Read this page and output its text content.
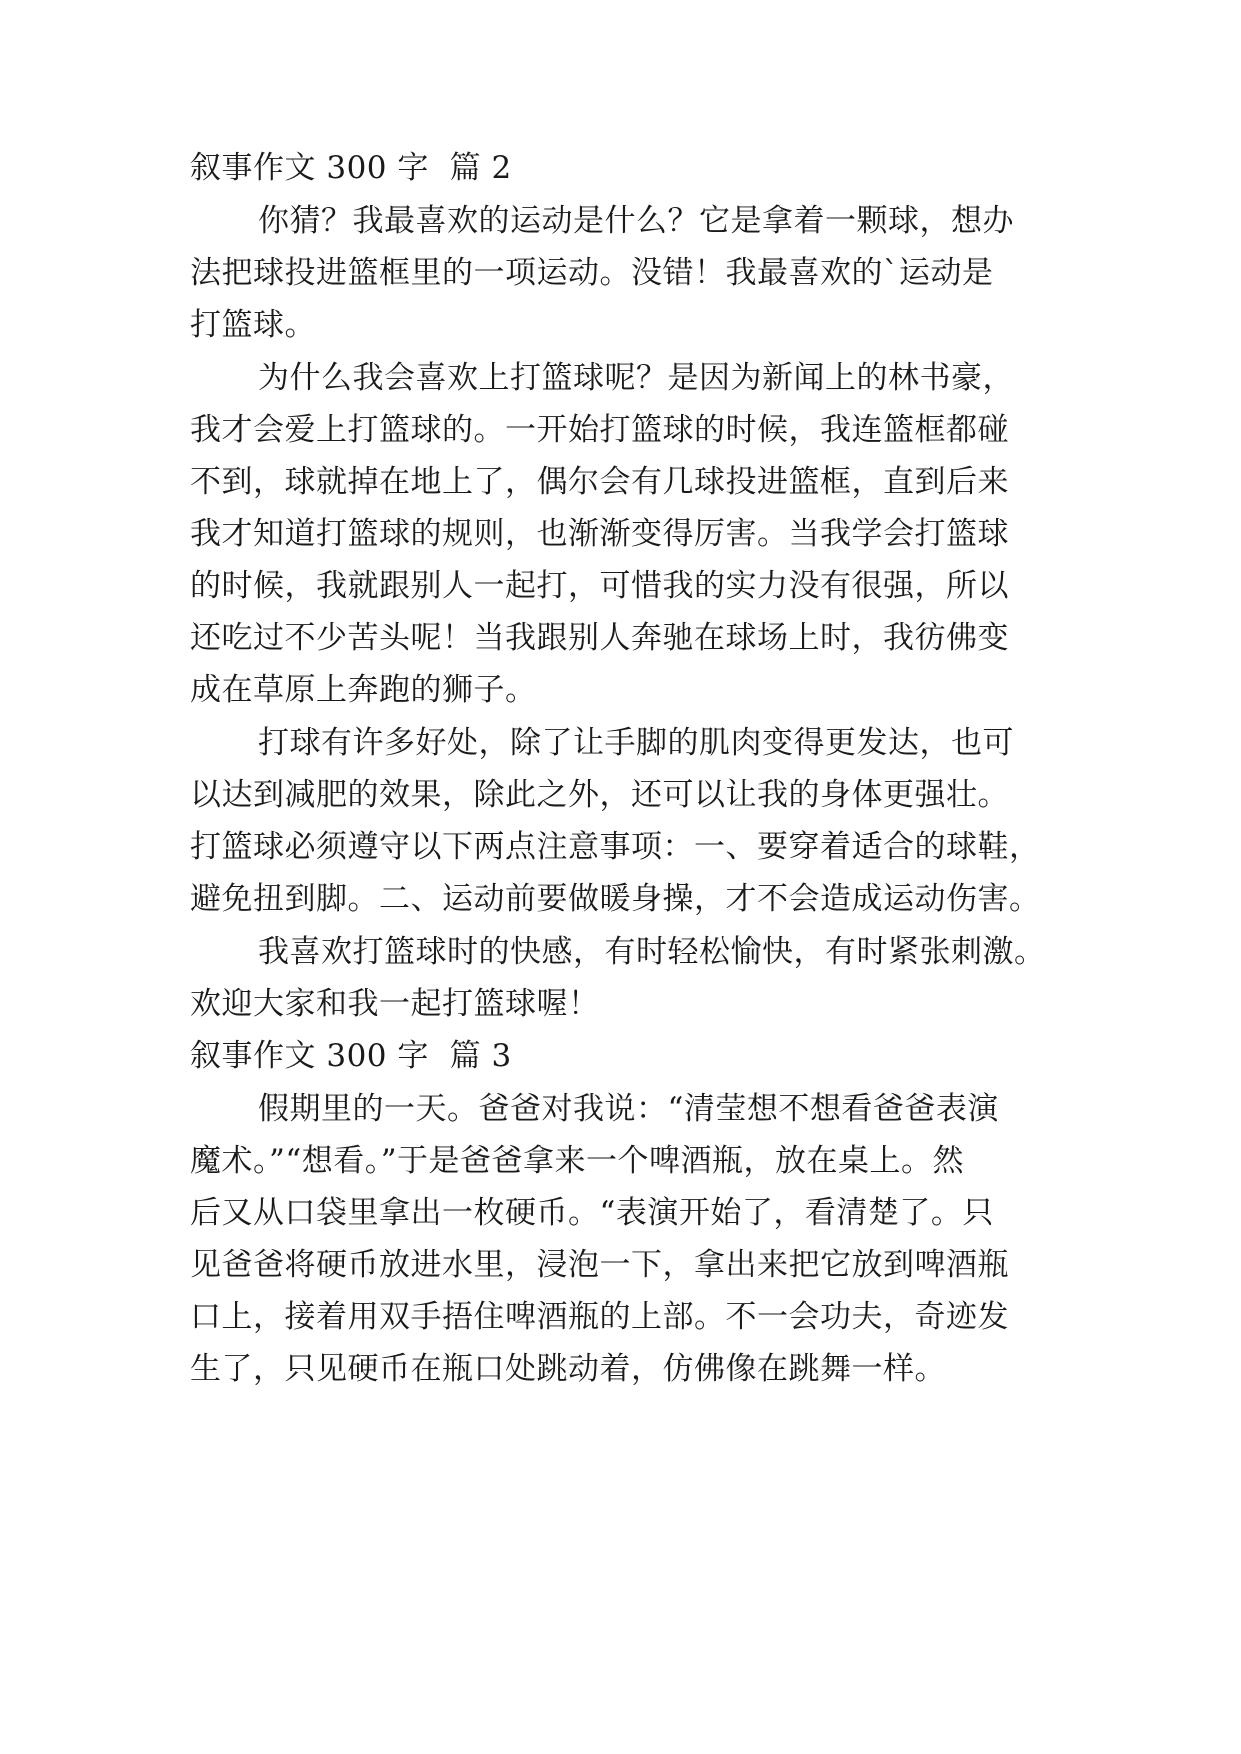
叙事作文 300 字  篇 2
你猜？我最喜欢的运动是什么？它是拿着一颗球，想办
法把球投进篮框里的一项运动。没错！我最喜欢的`运动是
打篮球。
为什么我会喜欢上打篮球呢？是因为新闻上的林书豪，
我才会爱上打篮球的。一开始打篮球的时候，我连篮框都碰
不到，球就掉在地上了，偶尔会有几球投进篮框，直到后来
我才知道打篮球的规则，也渐渐变得厉害。当我学会打篮球
的时候，我就跟别人一起打，可惜我的实力没有很强，所以
还吃过不少苦头呢！当我跟别人奔驰在球场上时，我彷佛变
成在草原上奔跑的狮子。
打球有许多好处，除了让手脚的肌肉变得更发达，也可
以达到减肥的效果，除此之外，还可以让我的身体更强壮。
打篮球必须遵守以下两点注意事项：一、要穿着适合的球鞋，
避免扭到脚。二、运动前要做暖身操，才不会造成运动伤害。
我喜欢打篮球时的快感，有时轻松愉快，有时紧张刺激。
欢迎大家和我一起打篮球喔！
叙事作文 300 字  篇 3
假期里的一天。爸爸对我说：“清莹想不想看爸爸表演
魔术。”“想看。”于是爸爸拿来一个啤酒瓶，放在桌上。然
后又从口袋里拿出一枚硬币。“表演开始了，看清楚了。只
见爸爸将硬币放进水里，浸泡一下，拿出来把它放到啤酒瓶
口上，接着用双手捂住啤酒瓶的上部。不一会功夫，奇迹发
生了，只见硬币在瓶口处跳动着，仿佛像在跳舞一样。
